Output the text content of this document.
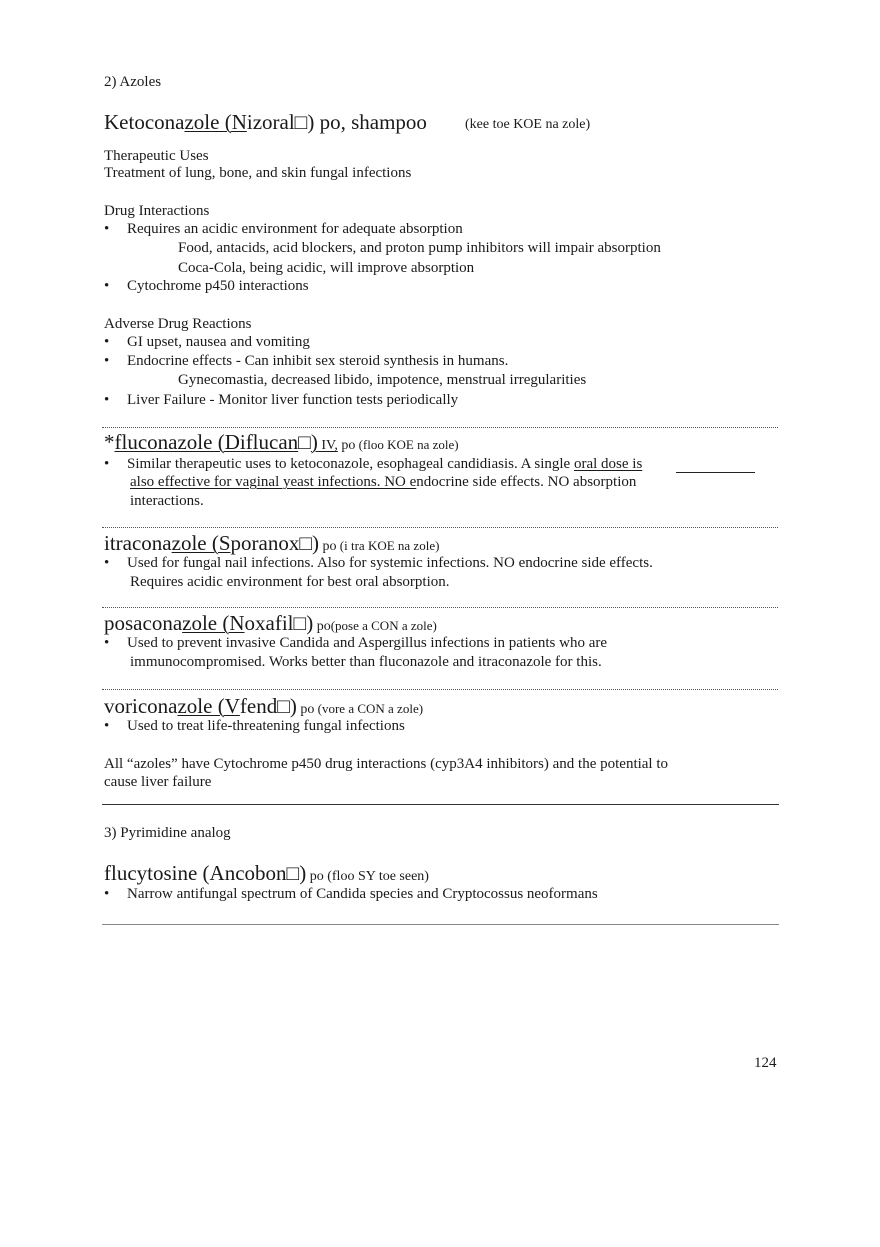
2) Azoles
Ketoconazole (Nizoral□) po, shampoo	(kee toe KOE na zole)
Therapeutic Uses
Treatment of lung, bone, and skin fungal infections
Drug Interactions
• Requires an acidic environment for adequate absorption
Food, antacids, acid blockers, and proton pump inhibitors will impair absorption
Coca-Cola, being acidic, will improve absorption
• Cytochrome p450 interactions
Adverse Drug Reactions
• GI upset, nausea and vomiting
• Endocrine effects - Can inhibit sex steroid synthesis in humans.
Gynecomastia, decreased libido, impotence, menstrual irregularities
• Liver Failure - Monitor liver function tests periodically
*fluconazole (Diflucan□) IV, po (floo KOE na zole)
• Similar therapeutic uses to ketoconazole, esophageal candidiasis. A single oral dose is
also effective for vaginal yeast infections. NO endocrine side effects. NO absorption
interactions.
itraconazole (Sporanox□) po (i tra KOE na zole)
• Used for fungal nail infections. Also for systemic infections. NO endocrine side effects.
Requires acidic environment for best oral absorption.
posaconazole (Noxafil□) po(pose a CON a zole)
• Used to prevent invasive Candida and Aspergillus infections in patients who are
immunocompromised. Works better than fluconazole and itraconazole for this.
voriconazole (Vfend□) po (vore a CON a zole)
• Used to treat life-threatening fungal infections
All “azoles” have Cytochrome p450 drug interactions (cyp3A4 inhibitors) and the potential to
cause liver failure
3) Pyrimidine analog
flucytosine (Ancobon□) po (floo SY toe seen)
• Narrow antifungal spectrum of Candida species and Cryptocossus neoformans
124
